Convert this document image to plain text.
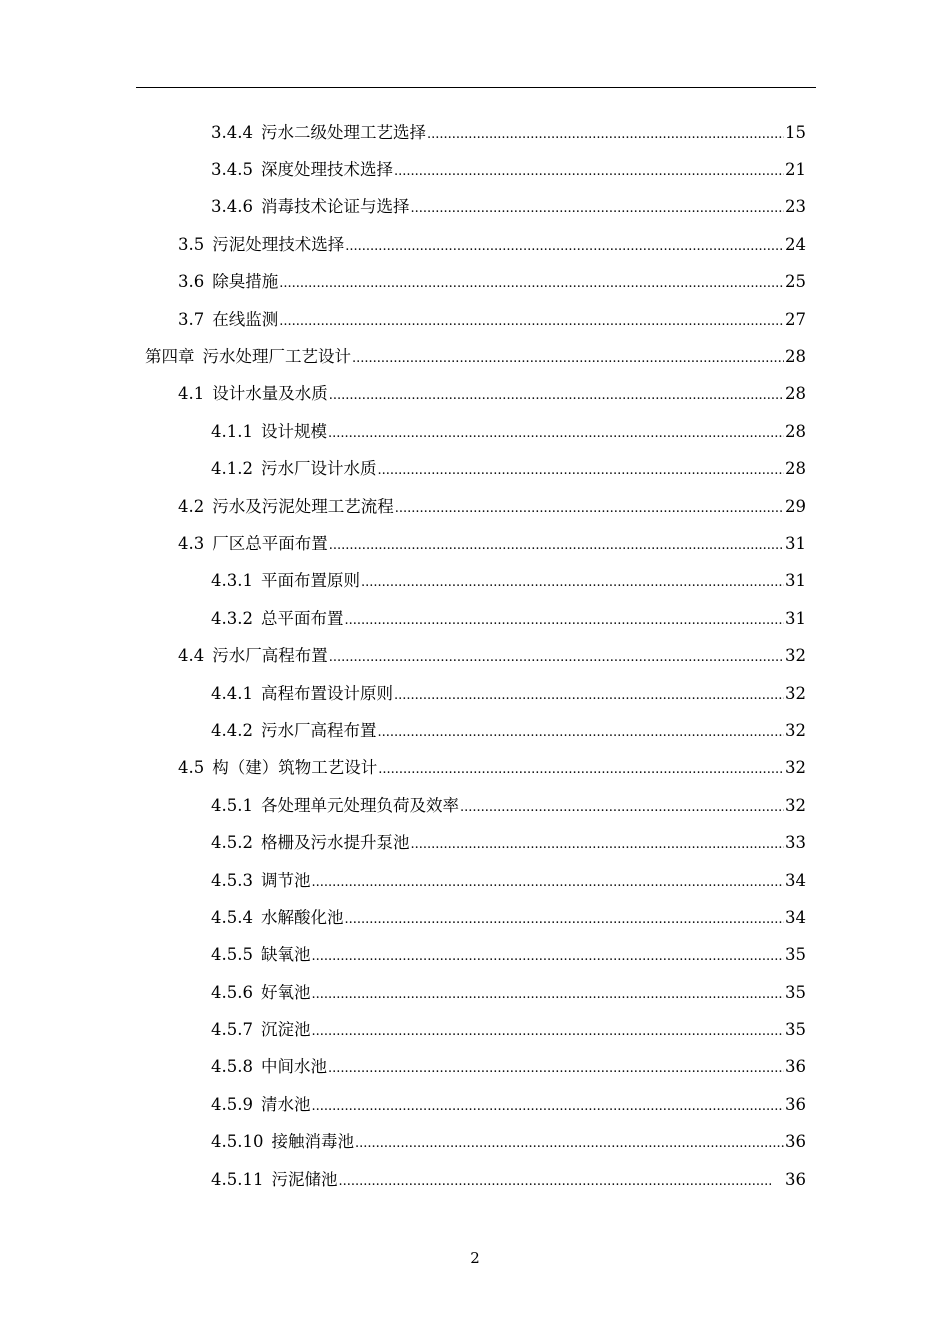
3.4.4 污水二级处理工艺选择 .....	15
3.4.5 深度处理技术选择 .....	21
3.4.6 消毒技术论证与选择 .....	23
3.5 污泥处理技术选择 .....	24
3.6 除臭措施 .....	25
3.7 在线监测 .....	27
第四章 污水处理厂工艺设计 .....	28
4.1 设计水量及水质 .....	28
4.1.1 设计规模 .....	28
4.1.2 污水厂设计水质 .....	28
4.2 污水及污泥处理工艺流程 .....	29
4.3 厂区总平面布置 .....	31
4.3.1 平面布置原则 .....	31
4.3.2 总平面布置 .....	31
4.4 污水厂高程布置 .....	32
4.4.1 高程布置设计原则 .....	32
4.4.2 污水厂高程布置 .....	32
4.5 构（建）筑物工艺设计 .....	32
4.5.1 各处理单元处理负荷及效率 .....	32
4.5.2 格栅及污水提升泵池 .....	33
4.5.3 调节池 .....	34
4.5.4 水解酸化池 .....	34
4.5.5 缺氧池 .....	35
4.5.6 好氧池 .....	35
4.5.7 沉淀池 .....	35
4.5.8 中间水池 .....	36
4.5.9 清水池 .....	36
4.5.10 接触消毒池 .....	36
4.5.11 污泥储池 .....	36
2
